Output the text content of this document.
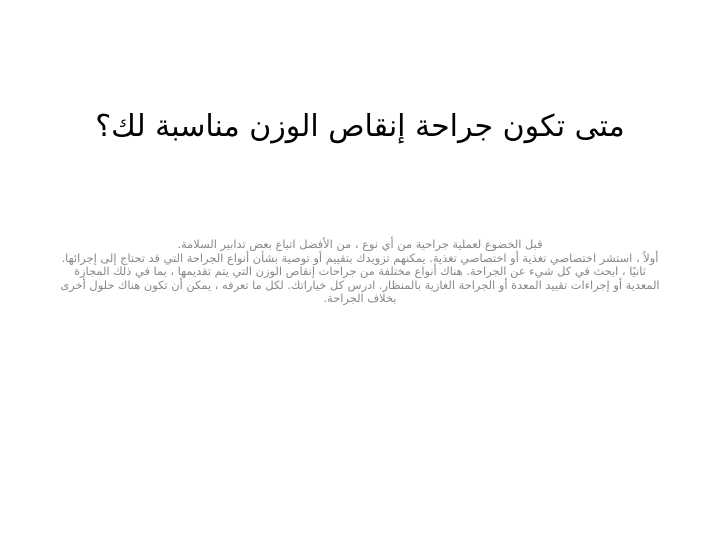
متى تكون جراحة إنقاص الوزن مناسبة لك؟

قبل الخضوع لعملية جراحية من أي نوع ، من الأفضل اتباع بعض تدابير السلامة.

أولاً ، استشر اختصاصي تغذية أو اختصاصي تغذية. يمكنهم تزويدك بتقييم أو توصية بشأن أنواع الجراحة التي قد تحتاج إلى إجرائها.

ثانيًا ، ابحث في كل شيء عن الجراحة. هناك أنواع مختلفة من جراحات إنقاص الوزن التي يتم تقديمها ، بما في ذلك المجازة المعدية أو إجراءات تقييد المعدة أو الجراحة الغازية بالمنظار. ادرس كل خياراتك. لكل ما تعرفه ، يمكن أن تكون هناك حلول أخرى بخلاف الجراحة.
